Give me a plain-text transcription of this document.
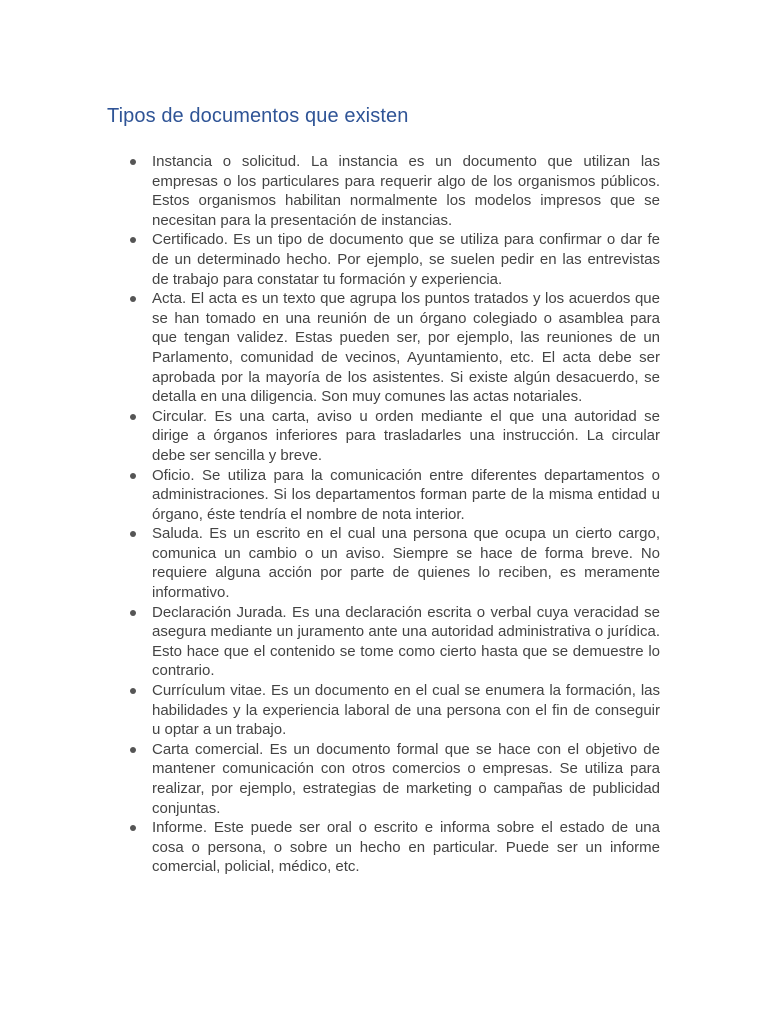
Tipos de documentos que existen
Instancia o solicitud. La instancia es un documento que utilizan las empresas o los particulares para requerir algo de los organismos públicos. Estos organismos habilitan normalmente los modelos impresos que se necesitan para la presentación de instancias.
Certificado. Es un tipo de documento que se utiliza para confirmar o dar fe de un determinado hecho. Por ejemplo, se suelen pedir en las entrevistas de trabajo para constatar tu formación y experiencia.
Acta. El acta es un texto que agrupa los puntos tratados y los acuerdos que se han tomado en una reunión de un órgano colegiado o asamblea para que tengan validez. Estas pueden ser, por ejemplo, las reuniones de un Parlamento, comunidad de vecinos, Ayuntamiento, etc. El acta debe ser aprobada por la mayoría de los asistentes. Si existe algún desacuerdo, se detalla en una diligencia. Son muy comunes las actas notariales.
Circular. Es una carta, aviso u orden mediante el que una autoridad se dirige a órganos inferiores para trasladarles una instrucción. La circular debe ser sencilla y breve.
Oficio. Se utiliza para la comunicación entre diferentes departamentos o administraciones. Si los departamentos forman parte de la misma entidad u órgano, éste tendría el nombre de nota interior.
Saluda. Es un escrito en el cual una persona que ocupa un cierto cargo, comunica un cambio o un aviso. Siempre se hace de forma breve. No requiere alguna acción por parte de quienes lo reciben, es meramente informativo.
Declaración Jurada. Es una declaración escrita o verbal cuya veracidad se asegura mediante un juramento ante una autoridad administrativa o jurídica. Esto hace que el contenido se tome como cierto hasta que se demuestre lo contrario.
Currículum vitae. Es un documento en el cual se enumera la formación, las habilidades y la experiencia laboral de una persona con el fin de conseguir u optar a un trabajo.
Carta comercial. Es un documento formal que se hace con el objetivo de mantener comunicación con otros comercios o empresas. Se utiliza para realizar, por ejemplo, estrategias de marketing o campañas de publicidad conjuntas.
Informe. Este puede ser oral o escrito e informa sobre el estado de una cosa o persona, o sobre un hecho en particular. Puede ser un informe comercial, policial, médico, etc.
